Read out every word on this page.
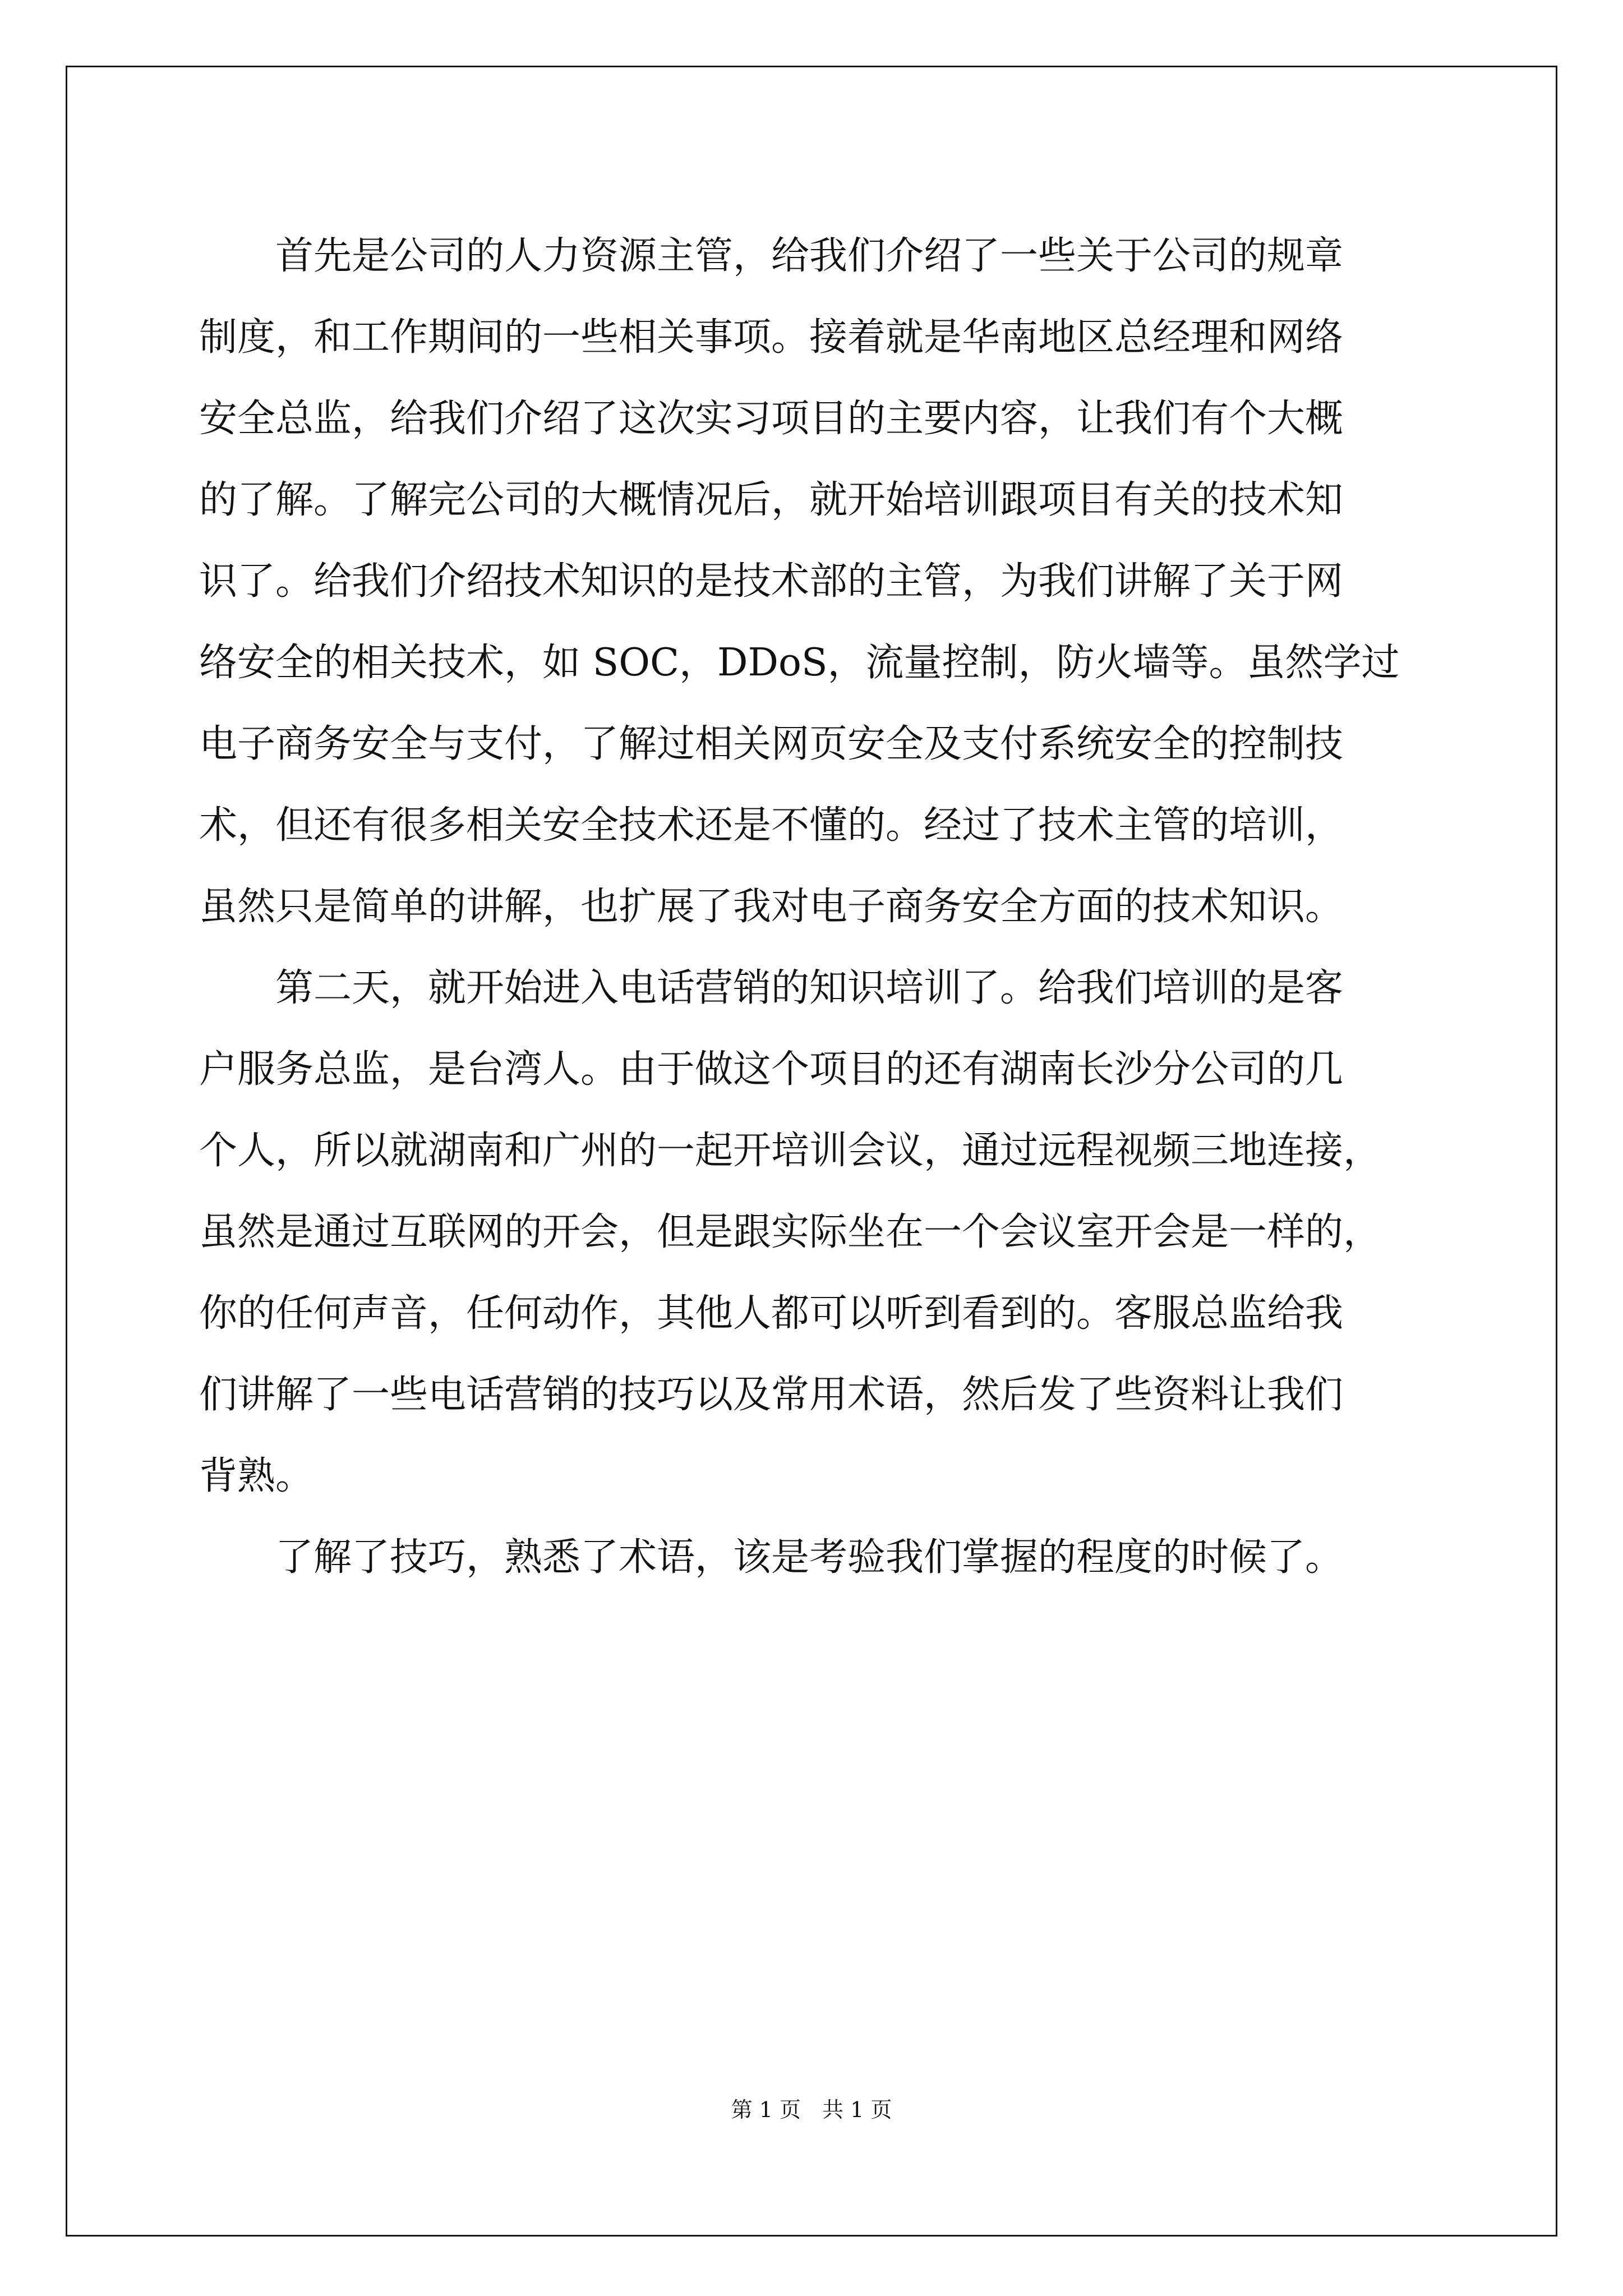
首先是公司的人力资源主管，给我们介绍了一些关于公司的规章
制度，和工作期间的一些相关事项。接着就是华南地区总经理和网络
安全总监，给我们介绍了这次实习项目的主要内容，让我们有个大概
的了解。了解完公司的大概情况后，就开始培训跟项目有关的技术知
识了。给我们介绍技术知识的是技术部的主管，为我们讲解了关于网
络安全的相关技术，如 SOC，DDoS，流量控制，防火墙等。虽然学过
电子商务安全与支付，了解过相关网页安全及支付系统安全的控制技
术，但还有很多相关安全技术还是不懂的。经过了技术主管的培训，
虽然只是简单的讲解，也扩展了我对电子商务安全方面的技术知识。
第二天，就开始进入电话营销的知识培训了。给我们培训的是客
户服务总监，是台湾人。由于做这个项目的还有湖南长沙分公司的几
个人，所以就湖南和广州的一起开培训会议，通过远程视频三地连接，
虽然是通过互联网的开会，但是跟实际坐在一个会议室开会是一样的，
你的任何声音，任何动作，其他人都可以听到看到的。客服总监给我
们讲解了一些电话营销的技巧以及常用术语，然后发了些资料让我们
背熟。
了解了技巧，熟悉了术语，该是考验我们掌握的程度的时候了。
第 1 页　共 1 页
